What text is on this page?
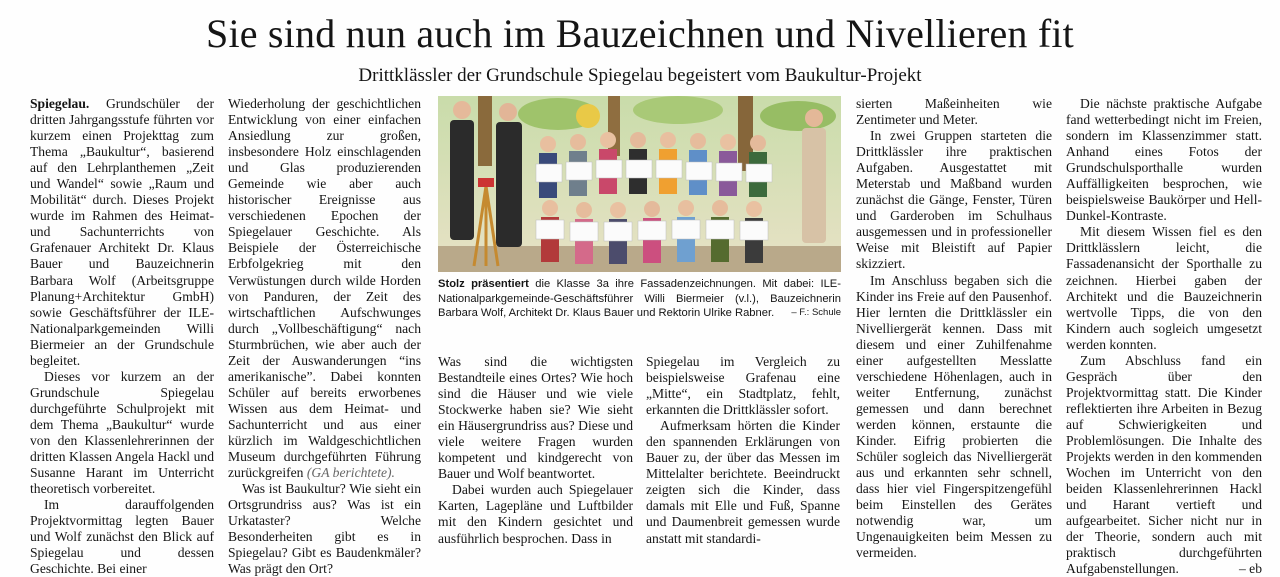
Sie sind nun auch im Bauzeichnen und Nivellieren fit
Drittklässler der Grundschule Spiegelau begeistert vom Baukultur-Projekt

Spiegelau. Grundschüler der dritten Jahrgangsstufe führten vor kurzem einen Projekttag zum Thema „Baukultur“, basierend auf den Lehrplanthemen „Zeit und Wandel“ sowie „Raum und Mobilität“ durch. Dieses Projekt wurde im Rahmen des Heimat- und Sachunterrichts von Grafenauer Architekt Dr. Klaus Bauer und Bauzeichnerin Barbara Wolf (Arbeitsgruppe Planung+Architektur GmbH) sowie Geschäftsführer der ILE-Nationalparkgemeinden Willi Biermeier an der Grundschule begleitet.

Dieses vor kurzem an der Grundschule Spiegelau durchgeführte Schulprojekt mit dem Thema „Baukultur“ wurde von den Klassenlehrerinnen der dritten Klassen Angela Hackl und Susanne Harant im Unterricht theoretisch vorbereitet.

Im darauffolgenden Projektvormittag legten Bauer und Wolf zunächst den Blick auf Spiegelau und dessen Geschichte. Bei einer

Wiederholung der geschichtlichen Entwicklung von einer einfachen Ansiedlung zur großen, insbesondere Holz einschlagenden und Glas produzierenden Gemeinde wie aber auch historischer Ereignisse aus verschiedenen Epochen der Spiegelauer Geschichte. Als Beispiele der Österreichische Erbfolgekrieg mit den Verwüstungen durch wilde Horden von Panduren, der Zeit des wirtschaftlichen Aufschwunges durch „Vollbeschäftigung“ nach Sturmbrüchen, wie aber auch der Zeit der Auswanderungen “ins amerikanische”. Dabei konnten Schüler auf bereits erworbenes Wissen aus dem Heimat- und Sachunterricht und aus einer kürzlich im Waldgeschichtlichen Museum durchgeführten Führung zurückgreifen (GA berichtete).

Was ist Baukultur? Wie sieht ein Ortsgrundriss aus? Was ist ein Urkataster? Welche Besonderheiten gibt es in Spiegelau? Gibt es Baudenkmäler? Was prägt den Ort?

Stolz präsentiert die Klasse 3a ihre Fassadenzeichnungen. Mit dabei: ILE-Nationalparkgemeinde-Geschäftsführer Willi Biermeier (v.l.), Bauzeichnerin Barbara Wolf, Architekt Dr. Klaus Bauer und Rektorin Ulrike Rabner. – F.: Schule

Was sind die wichtigsten Bestandteile eines Ortes? Wie hoch sind die Häuser und wie viele Stockwerke haben sie? Wie sieht ein Häusergrundriss aus? Diese und viele weitere Fragen wurden kompetent und kindgerecht von Bauer und Wolf beantwortet.

Dabei wurden auch Spiegelauer Karten, Lagepläne und Luftbilder mit den Kindern gesichtet und ausführlich besprochen. Dass in

Spiegelau im Vergleich zu beispielsweise Grafenau eine „Mitte“, ein Stadtplatz, fehlt, erkannten die Drittklässler sofort.

Aufmerksam hörten die Kinder den spannenden Erklärungen von Bauer zu, der über das Messen im Mittelalter berichtete. Beeindruckt zeigten sich die Kinder, dass damals mit Elle und Fuß, Spanne und Daumenbreit gemessen wurde anstatt mit standardi-

sierten Maßeinheiten wie Zentimeter und Meter.

In zwei Gruppen starteten die Drittklässler ihre praktischen Aufgaben. Ausgestattet mit Meterstab und Maßband wurden zunächst die Gänge, Fenster, Türen und Garderoben im Schulhaus ausgemessen und in professioneller Weise mit Bleistift auf Papier skizziert.

Im Anschluss begaben sich die Kinder ins Freie auf den Pausenhof. Hier lernten die Drittklässler ein Nivelliergerät kennen. Dass mit diesem und einer Zuhilfenahme einer aufgestellten Messlatte verschiedene Höhenlagen, auch in weiter Entfernung, zunächst gemessen und dann berechnet werden können, erstaunte die Kinder. Eifrig probierten die Schüler sogleich das Nivelliergerät aus und erkannten sehr schnell, dass hier viel Fingerspitzengefühl beim Einstellen des Gerätes notwendig war, um Ungenauigkeiten beim Messen zu vermeiden.

Die nächste praktische Aufgabe fand wetterbedingt nicht im Freien, sondern im Klassenzimmer statt. Anhand eines Fotos der Grundschulsporthalle wurden Auffälligkeiten besprochen, wie beispielsweise Baukörper und Hell-Dunkel-Kontraste.

Mit diesem Wissen fiel es den Drittklässlern leicht, die Fassadenansicht der Sporthalle zu zeichnen. Hierbei gaben der Architekt und die Bauzeichnerin wertvolle Tipps, die von den Kindern auch sogleich umgesetzt werden konnten.

Zum Abschluss fand ein Gespräch über den Projektvormittag statt. Die Kinder reflektierten ihre Arbeiten in Bezug auf Schwierigkeiten und Problemlösungen. Die Inhalte des Projekts werden in den kommenden Wochen im Unterricht von den beiden Klassenlehrerinnen Hackl und Harant vertieft und aufgearbeitet. Sicher nicht nur in der Theorie, sondern auch mit praktisch durchgeführten Aufgabenstellungen.	– eb
